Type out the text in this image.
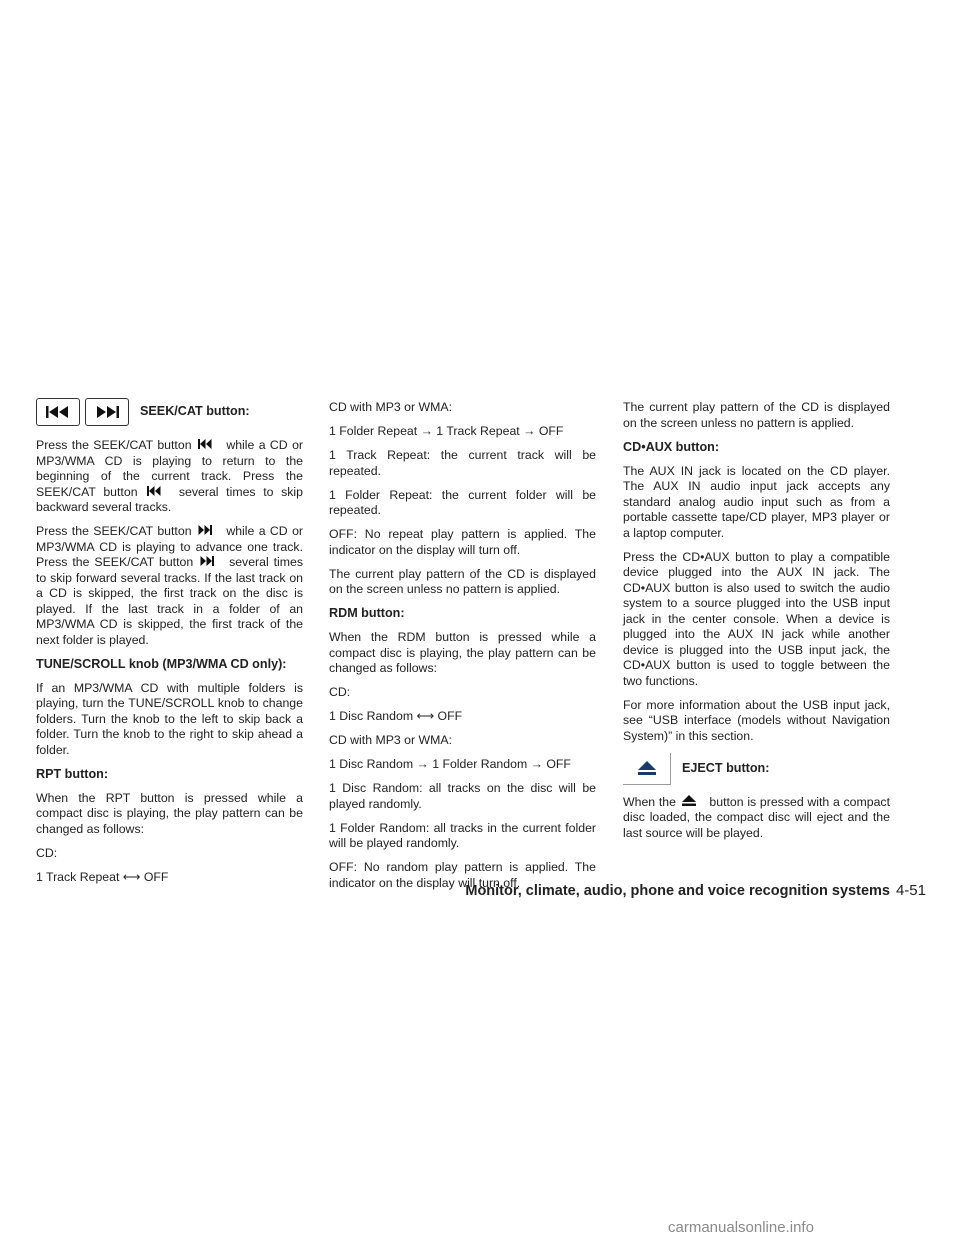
SEEK/CAT button:

Press the SEEK/CAT button	while a CD or MP3/WMA CD is playing to return to the beginning of the current track. Press the SEEK/CAT button	several times to skip backward several tracks.

Press the SEEK/CAT button	while a CD or MP3/WMA CD is playing to advance one track. Press the SEEK/CAT button	several times to skip forward several tracks. If the last track on a CD is skipped, the first track on the disc is played. If the last track in a folder of an MP3/WMA CD is skipped, the first track of the next folder is played.

TUNE/SCROLL knob (MP3/WMA CD only):

If an MP3/WMA CD with multiple folders is playing, turn the TUNE/SCROLL knob to change folders. Turn the knob to the left to skip back a folder. Turn the knob to the right to skip ahead a folder.

RPT button:

When the RPT button is pressed while a compact disc is playing, the play pattern can be changed as follows:

CD:

1 Track Repeat ⟷ OFF

CD with MP3 or WMA:

1 Folder Repeat → 1 Track Repeat → OFF

1 Track Repeat: the current track will be repeated.

1 Folder Repeat: the current folder will be repeated.

OFF: No repeat play pattern is applied. The indicator on the display will turn off.

The current play pattern of the CD is displayed on the screen unless no pattern is applied.

RDM button:

When the RDM button is pressed while a compact disc is playing, the play pattern can be changed as follows:

CD:

1 Disc Random ⟷ OFF

CD with MP3 or WMA:

1 Disc Random → 1 Folder Random → OFF

1 Disc Random: all tracks on the disc will be played randomly.

1 Folder Random: all tracks in the current folder will be played randomly.

OFF: No random play pattern is applied. The indicator on the display will turn off.

The current play pattern of the CD is displayed on the screen unless no pattern is applied.

CD•AUX button:

The AUX IN jack is located on the CD player. The AUX IN audio input jack accepts any standard analog audio input such as from a portable cassette tape/CD player, MP3 player or a laptop computer.

Press the CD•AUX button to play a compatible device plugged into the AUX IN jack. The CD•AUX button is also used to switch the audio system to a source plugged into the USB input jack in the center console. When a device is plugged into the AUX IN jack while another device is plugged into the USB input jack, the CD•AUX button is used to toggle between the two functions.

For more information about the USB input jack, see “USB interface (models without Navigation System)” in this section.

EJECT button:

When the	button is pressed with a compact disc loaded, the compact disc will eject and the last source will be played.

Monitor, climate, audio, phone and voice recognition systems 4-51
carmanualsonline.info
